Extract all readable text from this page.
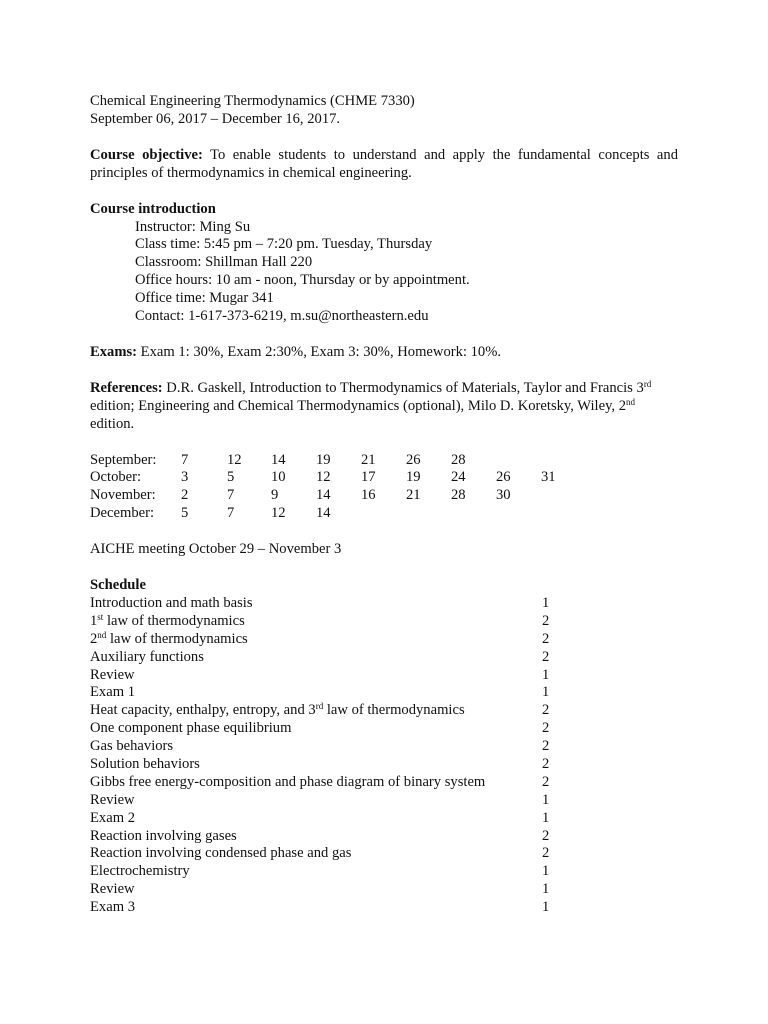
Chemical Engineering Thermodynamics (CHME 7330)

September 06, 2017 – December 16, 2017.

Course objective: To enable students to understand and apply the fundamental concepts and principles of thermodynamics in chemical engineering.

Course introduction

Instructor: Ming Su

Class time: 5:45 pm – 7:20 pm. Tuesday, Thursday

Classroom: Shillman Hall 220

Office hours: 10 am - noon, Thursday or by appointment.

Office time: Mugar 341

Contact: 1-617-373-6219, m.su@northeastern.edu

Exams: Exam 1: 30%, Exam 2:30%, Exam 3: 30%, Homework: 10%.

References: D.R. Gaskell, Introduction to Thermodynamics of Materials, Taylor and Francis 3rd edition; Engineering and Chemical Thermodynamics (optional), Milo D. Koretsky, Wiley, 2nd edition.

September: 7	12 14 19 21 26 28
October:	3	5	10 12 17 19 24 26 31
November: 2	7	9	14 16 21 28 30
December: 5	7	12 14

AICHE meeting October 29 – November 3

Schedule

Introduction and math basis	1
1st law of thermodynamics	2
2nd law of thermodynamics	2
Auxiliary functions	2
Review	1
Exam 1	1
Heat capacity, enthalpy, entropy, and 3rd law of thermodynamics	2
One component phase equilibrium	2
Gas behaviors	2
Solution behaviors	2
Gibbs free energy-composition and phase diagram of binary system	2
Review	1
Exam 2	1
Reaction involving gases	2
Reaction involving condensed phase and gas	2
Electrochemistry	1
Review	1
Exam 3	1
